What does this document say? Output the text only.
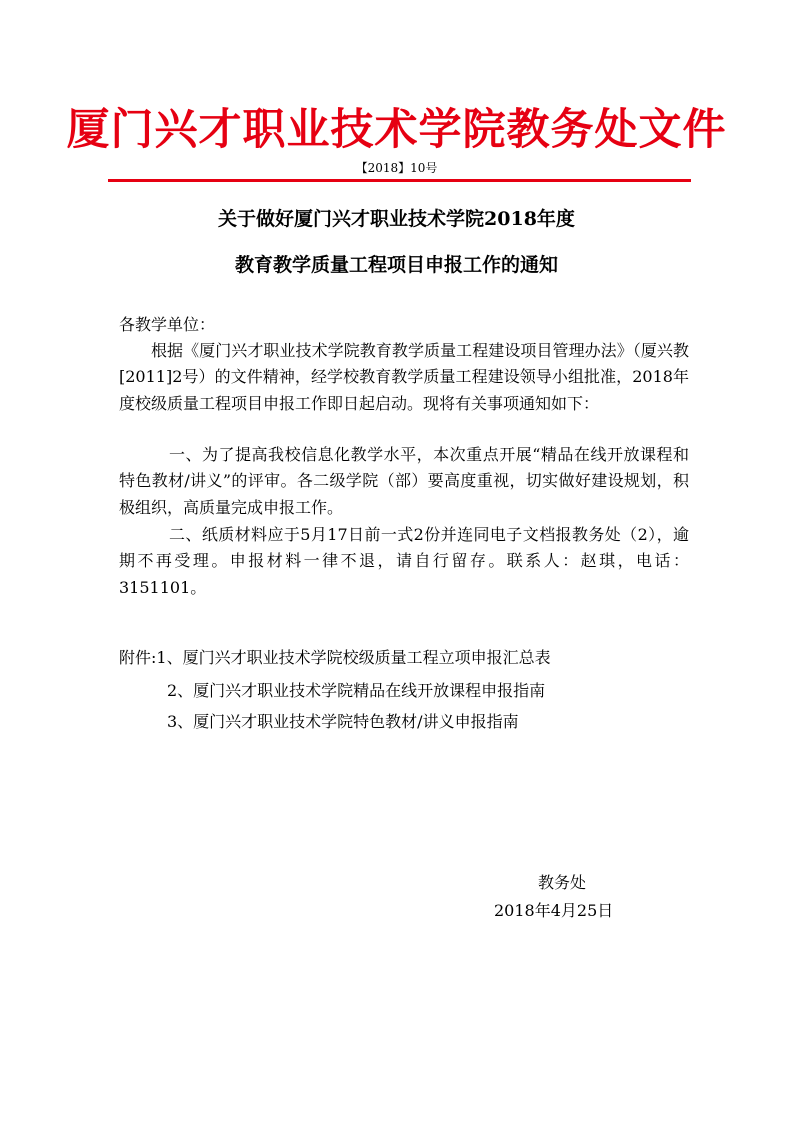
厦门兴才职业技术学院教务处文件
【2018】10号
关于做好厦门兴才职业技术学院2018年度
教育教学质量工程项目申报工作的通知
各教学单位：
根据《厦门兴才职业技术学院教育教学质量工程建设项目管理办法》（厦兴教[2011]2号）的文件精神，经学校教育教学质量工程建设领导小组批准，2018年度校级质量工程项目申报工作即日起启动。现将有关事项通知如下：
一、为了提高我校信息化教学水平，本次重点开展“精品在线开放课程和特色教材/讲义”的评审。各二级学院（部）要高度重视，切实做好建设规划，积极组织，高质量完成申报工作。
二、纸质材料应于5月17日前一式2份并连同电子文档报教务处（2），逾期不再受理。申报材料一律不退，请自行留存。联系人：赵琪，电话：3151101。
附件:1、厦门兴才职业技术学院校级质量工程立项申报汇总表
2、厦门兴才职业技术学院精品在线开放课程申报指南
3、厦门兴才职业技术学院特色教材/讲义申报指南
教务处
2018年4月25日
